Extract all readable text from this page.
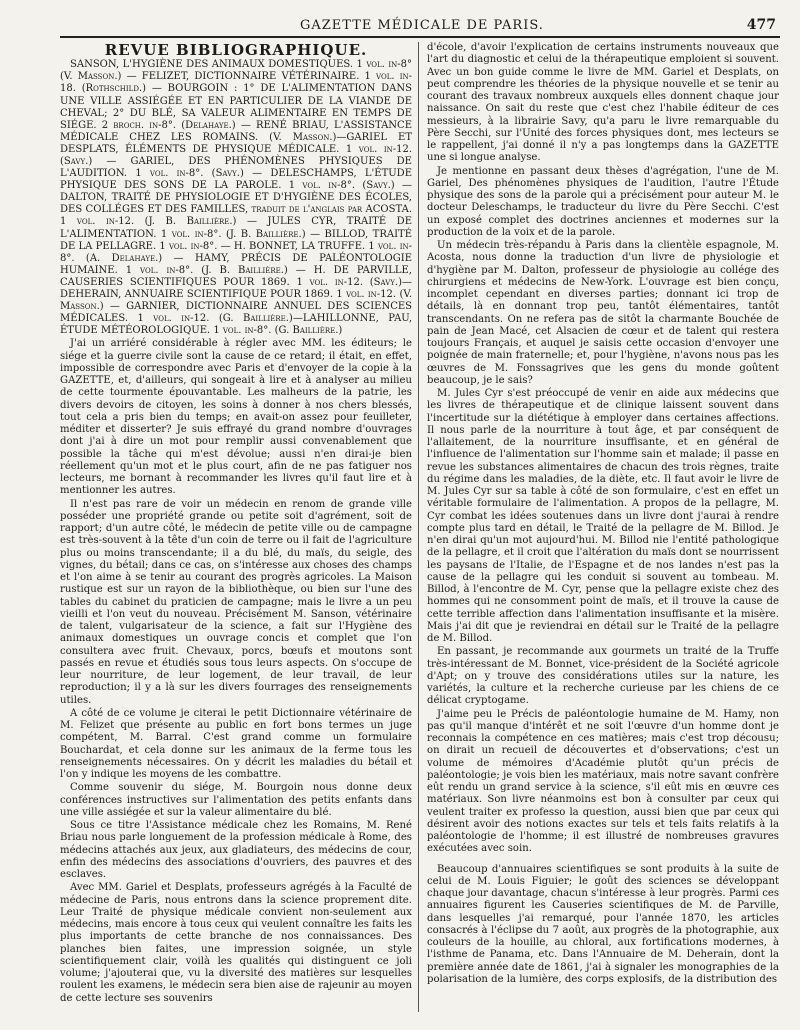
GAZETTE MÉDICALE DE PARIS.	477
REVUE BIBLIOGRAPHIQUE.

SANSON, L'HYGIÈNE DES ANIMAUX DOMESTIQUES. 1 vol. in-8° (V. Masson.) — FELIZET, DICTIONNAIRE VÉTÉRINAIRE. 1 vol. in-18. (Rothschild.) — BOURGOIN : 1° DE L'ALIMENTATION DANS UNE VILLE ASSIÉGÉE ET EN PARTICULIER DE LA VIANDE DE CHEVAL; 2° DU BLÉ, SA VALEUR ALIMENTAIRE EN TEMPS DE SIÉGE. 2 broch. in-8°. (Delahaye.) — RENÉ BRIAU, L'ASSISTANCE MÉDICALE CHEZ LES ROMAINS. (V. Masson.)—GARIEL ET DESPLATS, ÉLÉMENTS DE PHYSIQUE MÉDICALE. 1 vol. in-12. (Savy.) — GARIEL, DES PHÉNOMÈNES PHYSIQUES DE L'AUDITION. 1 vol. in-8°. (Savy.) — DELESCHAMPS, L'ÉTUDE PHYSIQUE DES SONS DE LA PAROLE. 1 vol. in-8°. (Savy.) — DALTON, TRAITÉ DE PHYSIOLOGIE ET D'HYGIÈNE DES ÉCOLES, DES COLLÉGES ET DES FAMILLES, traduit de l'anglais par ACOSTA. 1 vol. in-12. (J. B. Baillière.) — JULES CYR, TRAITÉ DE L'ALIMENTATION. 1 vol. in-8°. (J. B. Baillière.) — BILLOD, TRAITÉ DE LA PELLAGRE. 1 vol. in-8°. — H. BONNET, LA TRUFFE. 1 vol. in-8°. (A. Delahaye.) — HAMY, PRÉCIS DE PALÉONTOLOGIE HUMAINE. 1 vol. in-8°. (J. B. Baillière.) — H. DE PARVILLE, CAUSERIES SCIENTIFIQUES POUR 1869. 1 vol. in-12. (Savy.)— DEHERAIN, ANNUAIRE SCIENTIFIQUE POUR 1869. 1 vol. in-12. (V. Masson.) — GARNIER, DICTIONNAIRE ANNUEL DES SCIENCES MÉDICALES. 1 vol. in-12. (G. Baillière.)—LAHILLONNE, PAU, ÉTUDE MÉTÉOROLOGIQUE. 1 vol. in-8°. (G. Baillière.)

J'ai un arriéré considérable à régler avec MM. les éditeurs; le siége et la guerre civile sont la cause de ce retard; il était, en effet, impossible de correspondre avec Paris et d'envoyer de la copie à la GAZETTE, et, d'ailleurs, qui songeait à lire et à analyser au milieu de cette tourmente épouvantable. Les malheurs de la patrie, les divers devoirs de citoyen, les soins à donner à nos chers blessés, tout cela a pris bien du temps; en avait-on assez pour feuilleter, méditer et disserter? Je suis effrayé du grand nombre d'ouvrages dont j'ai à dire un mot pour remplir aussi convenablement que possible la tâche qui m'est dévolue; aussi n'en dirai-je bien réellement qu'un mot et le plus court, afin de ne pas fatiguer nos lecteurs, me bornant à recommander les livres qu'il faut lire et à mentionner les autres.

Il n'est pas rare de voir un médecin en renom de grande ville posséder une propriété grande ou petite soit d'agrément, soit de rapport; d'un autre côté, le médecin de petite ville ou de campagne est très-souvent à la tête d'un coin de terre ou il fait de l'agriculture plus ou moins transcendante; il a du blé, du maïs, du seigle, des vignes, du bétail; dans ce cas, on s'intéresse aux choses des champs et l'on aime à se tenir au courant des progrès agricoles. La Maison rustique est sur un rayon de la bibliothèque, ou bien sur l'une des tables du cabinet du praticien de campagne; mais le livre a un peu vieilli et l'on veut du nouveau. Précisément M. Sanson, vétérinaire de talent, vulgarisateur de la science, a fait sur l'Hygiène des animaux domestiques un ouvrage concis et complet que l'on consultera avec fruit. Chevaux, porcs, bœufs et moutons sont passés en revue et étudiés sous tous leurs aspects. On s'occupe de leur nourriture, de leur logement, de leur travail, de leur reproduction; il y a là sur les divers fourrages des renseignements utiles.

A côté de ce volume je citerai le petit Dictionnaire vétérinaire de M. Felizet que présente au public en fort bons termes un juge compétent, M. Barral. C'est grand comme un formulaire Bouchardat, et cela donne sur les animaux de la ferme tous les renseignements nécessaires. On y décrit les maladies du bétail et l'on y indique les moyens de les combattre.

Comme souvenir du siége, M. Bourgoin nous donne deux conférences instructives sur l'alimentation des petits enfants dans une ville assiégée et sur la valeur alimentaire du blé.

Sous ce titre l'Assistance médicale chez les Romains, M. René Briau nous parle longuement de la profession médicale à Rome, des médecins attachés aux jeux, aux gladiateurs, des médecins de cour, enfin des médecins des associations d'ouvriers, des pauvres et des esclaves.

Avec MM. Gariel et Desplats, professeurs agrégés à la Faculté de médecine de Paris, nous entrons dans la science proprement dite. Leur Traité de physique médicale convient non-seulement aux médecins, mais encore à tous ceux qui veulent connaître les faits les plus importants de cette branche de nos connaissances. Des planches bien faites, une impression soignée, un style scientifiquement clair, voilà les qualités qui distinguent ce joli volume; j'ajouterai que, vu la diversité des matières sur lesquelles roulent les examens, le médecin sera bien aise de rajeunir au moyen de cette lecture ses souvenirs

d'école, d'avoir l'explication de certains instruments nouveaux que l'art du diagnostic et celui de la thérapeutique emploient si souvent. Avec un bon guide comme le livre de MM. Gariel et Desplats, on peut comprendre les théories de la physique nouvelle et se tenir au courant des travaux nombreux auxquels elles donnent chaque jour naissance. On sait du reste que c'est chez l'habile éditeur de ces messieurs, à la librairie Savy, qu'a paru le livre remarquable du Père Secchi, sur l'Unité des forces physiques dont, mes lecteurs se le rappellent, j'ai donné il n'y a pas longtemps dans la GAZETTE une si longue analyse.

Je mentionne en passant deux thèses d'agrégation, l'une de M. Gariel, Des phénomènes physiques de l'audition, l'autre l'Étude physique des sons de la parole qui a précisément pour auteur M. le docteur Deleschamps, le traducteur du livre du Père Secchi. C'est un exposé complet des doctrines anciennes et modernes sur la production de la voix et de la parole.

Un médecin très-répandu à Paris dans la clientèle espagnole, M. Acosta, nous donne la traduction d'un livre de physiologie et d'hygiène par M. Dalton, professeur de physiologie au collége des chirurgiens et médecins de New-York. L'ouvrage est bien conçu, incomplet cependant en diverses parties; donnant ici trop de détails, là en donnant trop peu, tantôt élémentaires, tantôt transcendants. On ne refera pas de sitôt la charmante Bouchée de pain de Jean Macé, cet Alsacien de cœur et de talent qui restera toujours Français, et auquel je saisis cette occasion d'envoyer une poignée de main fraternelle; et, pour l'hygiène, n'avons nous pas les œuvres de M. Fonssagrives que les gens du monde goûtent beaucoup, je le sais?

M. Jules Cyr s'est préoccupé de venir en aide aux médecins que les livres de thérapeutique et de clinique laissent souvent dans l'incertitude sur la diététique à employer dans certaines affections. Il nous parle de la nourriture à tout âge, et par conséquent de l'allaitement, de la nourriture insuffisante, et en général de l'influence de l'alimentation sur l'homme sain et malade; il passe en revue les substances alimentaires de chacun des trois règnes, traite du régime dans les maladies, de la diète, etc. Il faut avoir le livre de M. Jules Cyr sur sa table à côté de son formulaire, c'est en effet un véritable formulaire de l'alimentation. A propos de la pellagre, M. Cyr combat les idées soutenues dans un livre dont j'aurai à rendre compte plus tard en détail, le Traité de la pellagre de M. Billod. Je n'en dirai qu'un mot aujourd'hui. M. Billod nie l'entité pathologique de la pellagre, et il croit que l'altération du maïs dont se nourrissent les paysans de l'Italie, de l'Espagne et de nos landes n'est pas la cause de la pellagre qui les conduit si souvent au tombeau. M. Billod, à l'encontre de M. Cyr, pense que la pellagre existe chez des hommes qui ne consomment point de maïs, et il trouve la cause de cette terrible affection dans l'alimentation insuffisante et la misère. Mais j'ai dit que je reviendrai en détail sur le Traité de la pellagre de M. Billod.

En passant, je recommande aux gourmets un traité de la Truffe très-intéressant de M. Bonnet, vice-président de la Société agricole d'Apt; on y trouve des considérations utiles sur la nature, les variétés, la culture et la recherche curieuse par les chiens de ce délicat cryptogame.

J'aime peu le Précis de paléontologie humaine de M. Hamy, non pas qu'il manque d'intérêt et ne soit l'œuvre d'un homme dont je reconnais la compétence en ces matières; mais c'est trop décousu; on dirait un recueil de découvertes et d'observations; c'est un volume de mémoires d'Académie plutôt qu'un précis de paléontologie; je vois bien les matériaux, mais notre savant confrère eût rendu un grand service à la science, s'il eût mis en œuvre ces matériaux. Son livre néanmoins est bon à consulter par ceux qui veulent traiter ex professo la question, aussi bien que par ceux qui désirent avoir des notions exactes sur tels et tels faits relatifs à la paléontologie de l'homme; il est illustré de nombreuses gravures exécutées avec soin.

Beaucoup d'annuaires scientifiques se sont produits à la suite de celui de M. Louis Figuier; le goût des sciences se développant chaque jour davantage, chacun s'intéresse à leur progrès. Parmi ces annuaires figurent les Causeries scientifiques de M. de Parville, dans lesquelles j'ai remarqué, pour l'année 1870, les articles consacrés à l'éclipse du 7 août, aux progrès de la photographie, aux couleurs de la houille, au chloral, aux fortifications modernes, à l'isthme de Panama, etc. Dans l'Annuaire de M. Deherain, dont la première année date de 1861, j'ai à signaler les monographies de la polarisation de la lumière, des corps explosifs, de la distribution des
